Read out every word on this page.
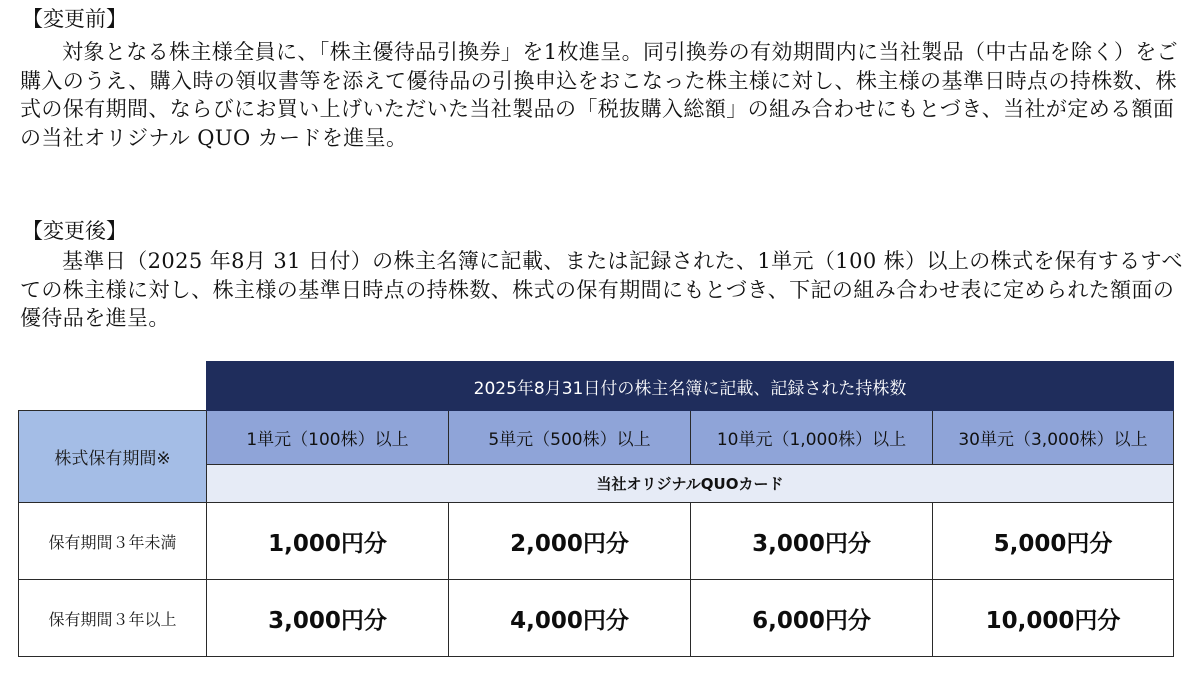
【変更前】

対象となる株主様全員に、「株主優待品引換券」を1枚進呈。同引換券の有効期間内に当社製品（中古品を除く）をご購入のうえ、購入時の領収書等を添えて優待品の引換申込をおこなった株主様に対し、株主様の基準日時点の持株数、株式の保有期間、ならびにお買い上げいただいた当社製品の「税抜購入総額」の組み合わせにもとづき、当社が定める額面の当社オリジナル QUO カードを進呈。

【変更後】

基準日（2025 年8月 31 日付）の株主名簿に記載、または記録された、1単元（100 株）以上の株式を保有するすべての株主様に対し、株主様の基準日時点の持株数、株式の保有期間にもとづき、下記の組み合わせ表に定められた額面の優待品を進呈。

	2025年8月31日付の株主名簿に記載、記録された持株数			
株式保有期間※	1単元（100株）以上	5単元（500株）以上	10単元（1,000株）以上	30単元（3,000株）以上
	当社オリジナルQUOカード			
保有期間３年未満	1,000円分	2,000円分	3,000円分	5,000円分
保有期間３年以上	3,000円分	4,000円分	6,000円分	10,000円分
